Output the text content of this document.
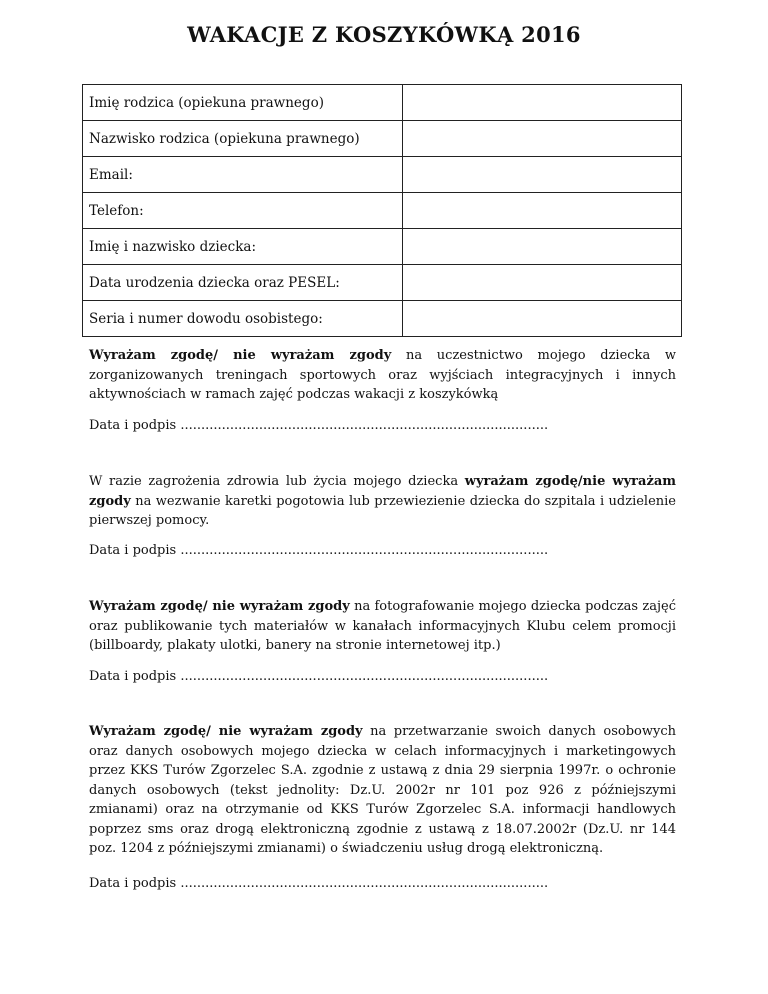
WAKACJE Z KOSZYKÓWKĄ 2016
Imię rodzica (opiekuna prawnego)	
Nazwisko rodzica (opiekuna prawnego)	
Email:	
Telefon:	
Imię i nazwisko dziecka:	
Data urodzenia dziecka oraz PESEL:	
Seria i numer dowodu osobistego:	

Wyrażam zgodę/ nie wyrażam zgody na uczestnictwo mojego dziecka w zorganizowanych treningach sportowych oraz wyjściach integracyjnych i innych aktywnościach w ramach zajęć podczas wakacji z koszykówką

Data i podpis .........................................................................................

W razie zagrożenia zdrowia lub życia mojego dziecka wyrażam zgodę/nie wyrażam zgody na wezwanie karetki pogotowia lub przewiezienie dziecka do szpitala i udzielenie pierwszej pomocy.

Data i podpis .........................................................................................

Wyrażam zgodę/ nie wyrażam zgody na fotografowanie mojego dziecka podczas zajęć oraz publikowanie tych materiałów w kanałach informacyjnych Klubu celem promocji (billboardy, plakaty ulotki, banery na stronie internetowej itp.)

Data i podpis .........................................................................................

Wyrażam zgodę/ nie wyrażam zgody na przetwarzanie swoich danych osobowych oraz danych osobowych mojego dziecka w celach informacyjnych i marketingowych przez KKS Turów Zgorzelec S.A. zgodnie z ustawą z dnia 29 sierpnia 1997r. o ochronie danych osobowych (tekst jednolity: Dz.U. 2002r nr 101 poz 926 z późniejszymi zmianami) oraz na otrzymanie od KKS Turów Zgorzelec S.A. informacji handlowych poprzez sms oraz drogą elektroniczną zgodnie z ustawą z 18.07.2002r (Dz.U. nr 144 poz. 1204 z późniejszymi zmianami) o świadczeniu usług drogą elektroniczną.

Data i podpis .........................................................................................
